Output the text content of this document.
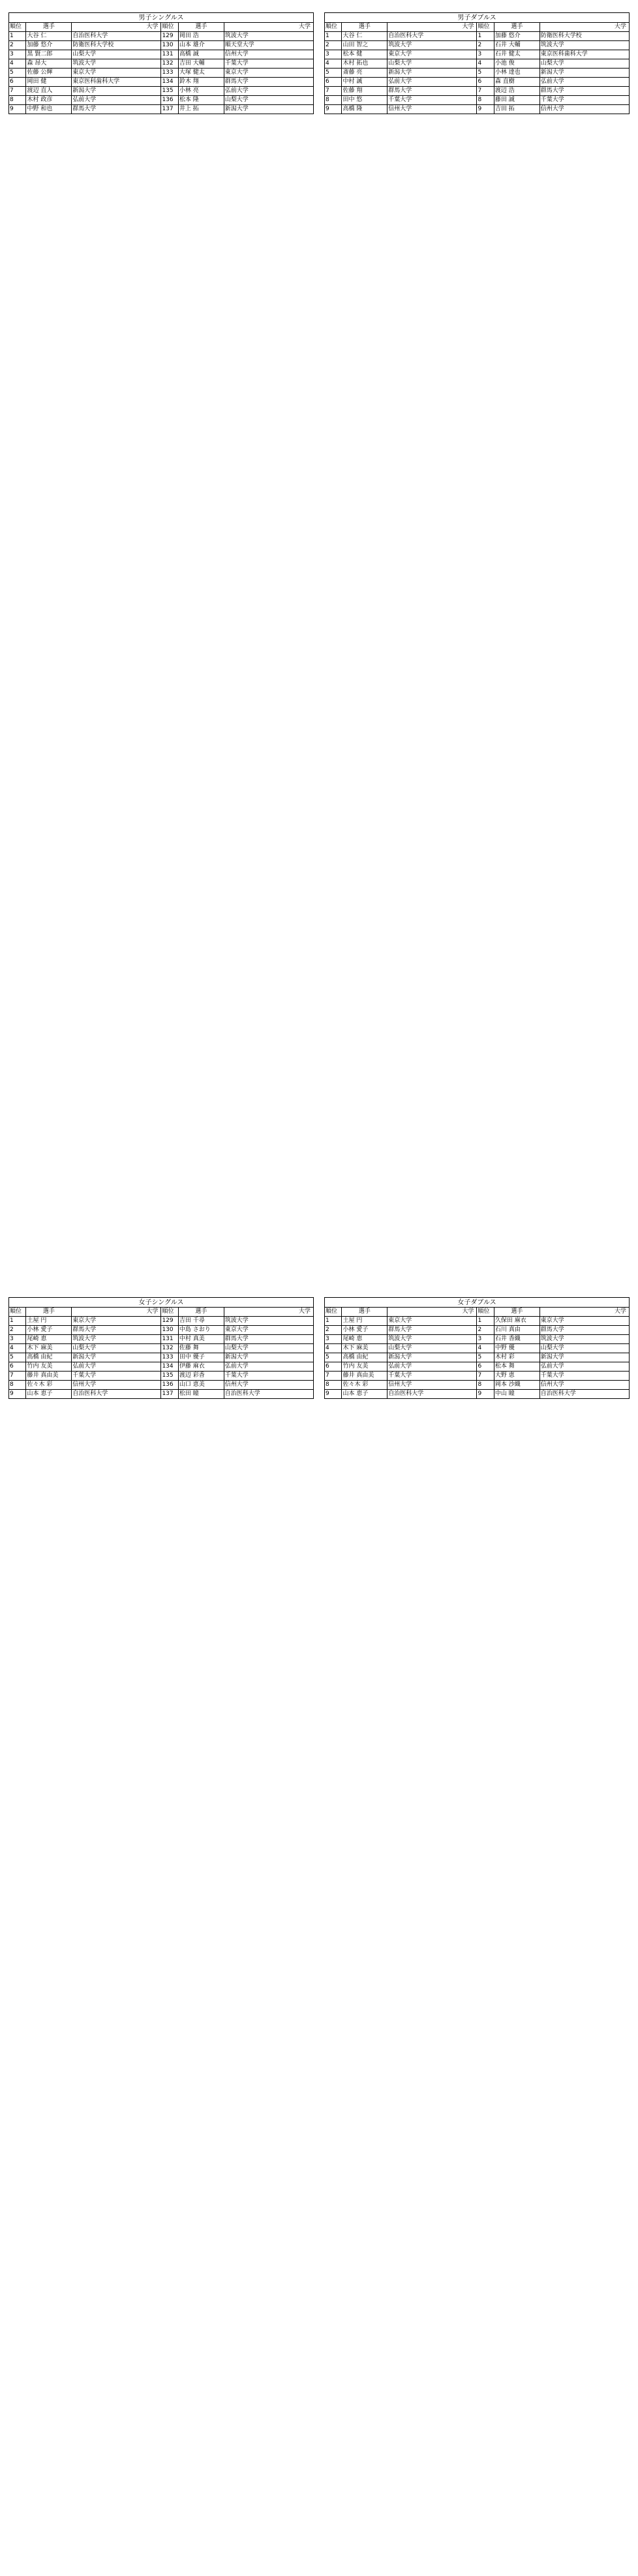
男子シングルス					
順位	選手	大学	順位	選手	大学
1	大谷 仁	自治医科大学	129	岡田 浩	筑波大学
2	加藤 悠介	防衛医科大学校	130	山本 雄介	順天堂大学
3	黒 賢二郎	山梨大学	131	高橋 誠	信州大学
4	森 昂大	筑波大学	132	吉田 大輔	千葉大学
5	佐藤 公輝	東京大学	133	大塚 健太	東京大学
6	岡田 健	東京医科歯科大学	134	鈴木 翔	群馬大学
7	渡辺 直人	新潟大学	135	小林 亮	弘前大学
8	木村 政彦	弘前大学	136	松本 隆	山梨大学
9	中野 和也	群馬大学	137	井上 拓	新潟大学
男子ダブルス					
順位	選手	大学	順位	選手	大学
1	大谷 仁	自治医科大学	1	加藤 悠介	防衛医科大学校
2	山田 智之	筑波大学	2	石井 大輔	筑波大学
3	松本 健	東京大学	3	石井 健太	東京医科歯科大学
4	木村 拓也	山梨大学	4	小池 俊	山梨大学
5	斎藤 亮	新潟大学	5	小林 達也	新潟大学
6	中村 誠	弘前大学	6	森 直樹	弘前大学
7	佐藤 翔	群馬大学	7	渡辺 浩	群馬大学
8	田中 悠	千葉大学	8	藤田 誠	千葉大学
9	高橋 隆	信州大学	9	吉田 拓	信州大学
女子シングルス					
順位	選手	大学	順位	選手	大学
1	土屋 円	東京大学	129	吉田 千尋	筑波大学
2	小林 愛子	群馬大学	130	中島 さおり	東京大学
3	尾崎 恵	筑波大学	131	中村 真美	群馬大学
4	木下 麻美	山梨大学	132	佐藤 舞	山梨大学
5	高橋 由紀	新潟大学	133	田中 優子	新潟大学
6	竹内 友美	弘前大学	134	伊藤 麻衣	弘前大学
7	藤井 真由美	千葉大学	135	渡辺 彩香	千葉大学
8	佐々木 彩	信州大学	136	山口 恵美	信州大学
9	山本 恵子	自治医科大学	137	松田 瞳	自治医科大学
女子ダブルス					
順位	選手	大学	順位	選手	大学
1	土屋 円	東京大学	1	久保田 麻衣	東京大学
2	小林 愛子	群馬大学	2	石川 真由	群馬大学
3	尾崎 恵	筑波大学	3	石井 香織	筑波大学
4	木下 麻美	山梨大学	4	中野 優	山梨大学
5	高橋 由紀	新潟大学	5	木村 彩	新潟大学
6	竹内 友美	弘前大学	6	松本 舞	弘前大学
7	藤井 真由美	千葉大学	7	大野 恵	千葉大学
8	佐々木 彩	信州大学	8	岡本 沙織	信州大学
9	山本 恵子	自治医科大学	9	中山 瞳	自治医科大学
